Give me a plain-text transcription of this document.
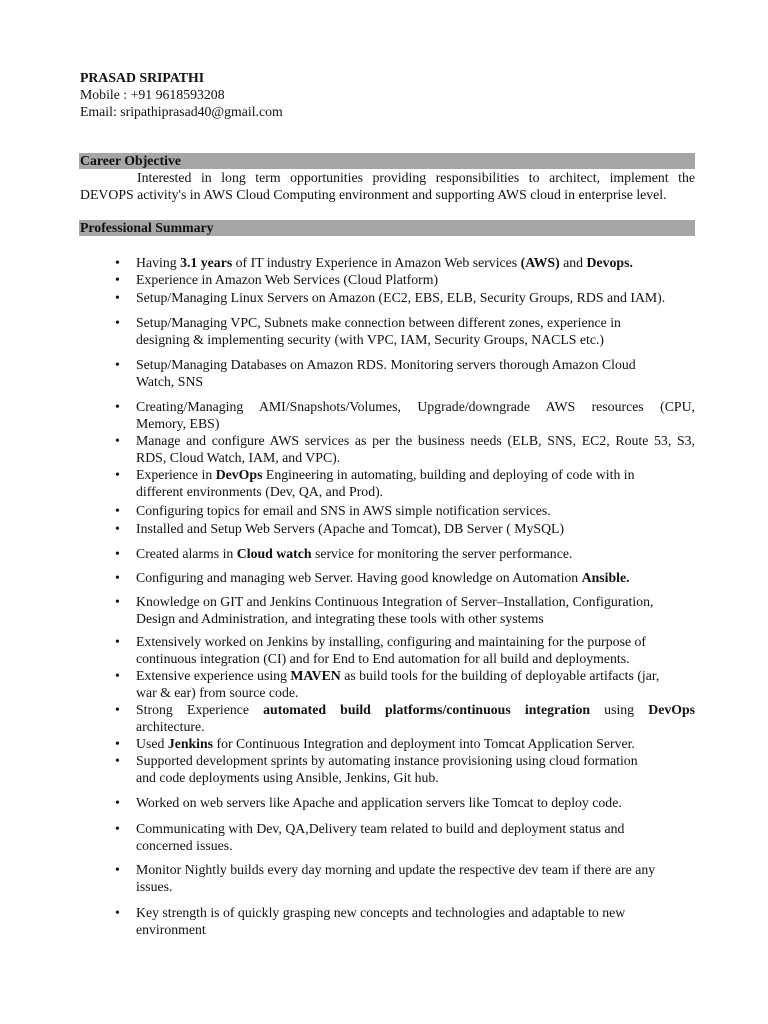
PRASAD SRIPATHI
Mobile : +91 9618593208
Email: sripathiprasad40@gmail.com
Career Objective
Interested in long term opportunities providing responsibilities to architect, implement the
DEVOPS activity's in AWS Cloud Computing environment and supporting AWS cloud in enterprise level.
Professional Summary
• Having 3.1 years of IT industry Experience in Amazon Web services (AWS) and Devops.
• Experience in Amazon Web Services (Cloud Platform)
• Setup/Managing Linux Servers on Amazon (EC2, EBS, ELB, Security Groups, RDS and IAM).
• Setup/Managing VPC, Subnets make connection between different zones, experience in
designing & implementing security (with VPC, IAM, Security Groups, NACLS etc.)
• Setup/Managing Databases on Amazon RDS. Monitoring servers thorough Amazon Cloud
Watch, SNS
• Creating/Managing AMI/Snapshots/Volumes, Upgrade/downgrade AWS resources (CPU,
Memory, EBS)
• Manage and configure AWS services as per the business needs (ELB, SNS, EC2, Route 53, S3,
RDS, Cloud Watch, IAM, and VPC).
• Experience in DevOps Engineering in automating, building and deploying of code with in
different environments (Dev, QA, and Prod).
• Configuring topics for email and SNS in AWS simple notification services.
• Installed and Setup Web Servers (Apache and Tomcat), DB Server ( MySQL)
• Created alarms in Cloud watch service for monitoring the server performance.
• Configuring and managing web Server. Having good knowledge on Automation Ansible.
• Knowledge on GIT and Jenkins Continuous Integration of Server–Installation, Configuration,
Design and Administration, and integrating these tools with other systems
• Extensively worked on Jenkins by installing, configuring and maintaining for the purpose of
continuous integration (CI) and for End to End automation for all build and deployments.
• Extensive experience using MAVEN as build tools for the building of deployable artifacts (jar,
war & ear) from source code.
• Strong Experience automated build platforms/continuous integration using DevOps
architecture.
• Used Jenkins for Continuous Integration and deployment into Tomcat Application Server.
• Supported development sprints by automating instance provisioning using cloud formation
and code deployments using Ansible, Jenkins, Git hub.
• Worked on web servers like Apache and application servers like Tomcat to deploy code.
• Communicating with Dev, QA,Delivery team related to build and deployment status and
concerned issues.
• Monitor Nightly builds every day morning and update the respective dev team if there are any
issues.
• Key strength is of quickly grasping new concepts and technologies and adaptable to new
environment
